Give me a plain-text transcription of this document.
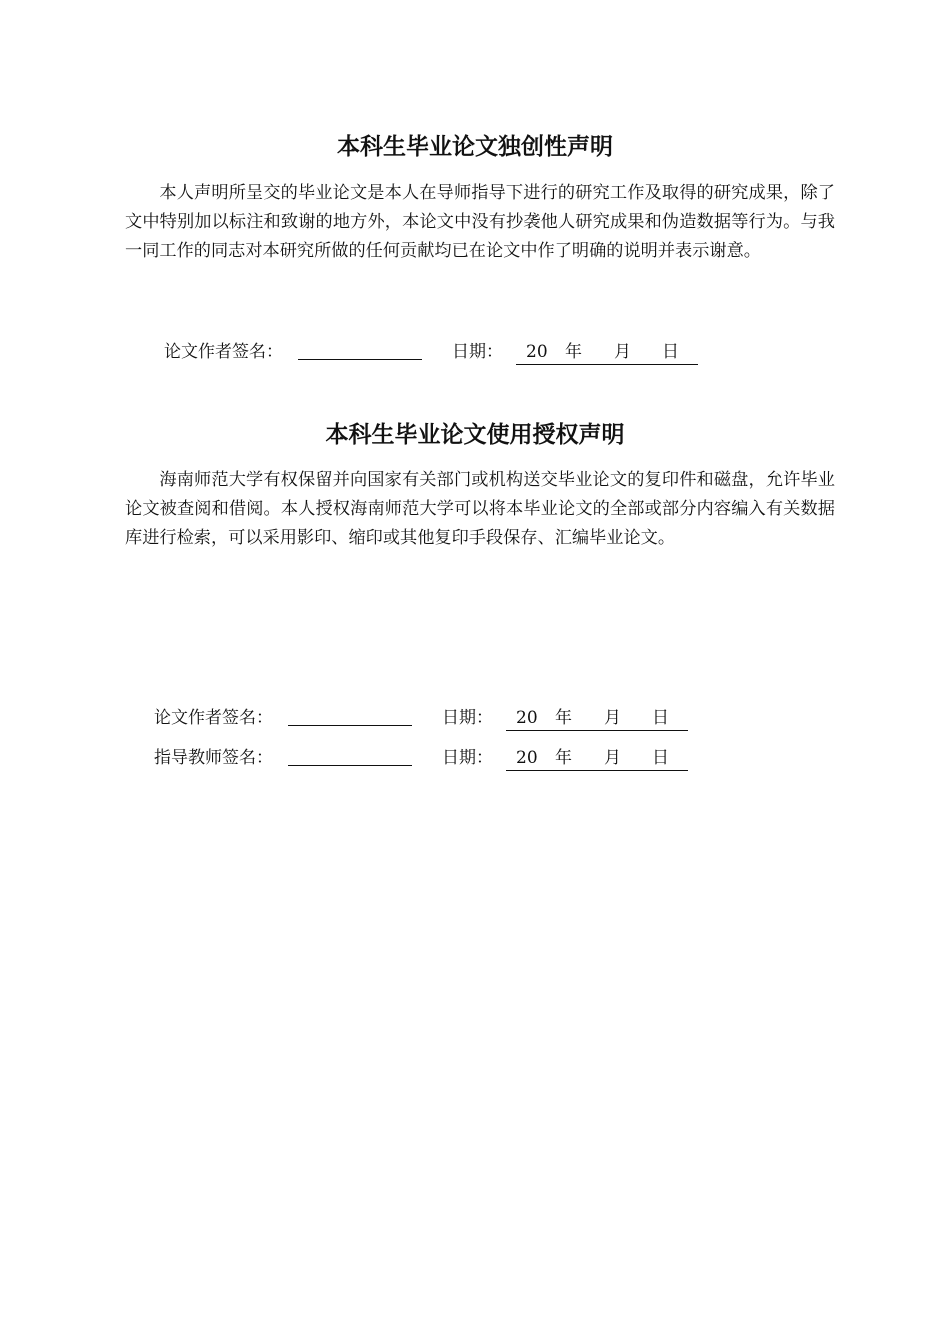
本科生毕业论文独创性声明
本人声明所呈交的毕业论文是本人在导师指导下进行的研究工作及取得的研究成果，除了文中特别加以标注和致谢的地方外，本论文中没有抄袭他人研究成果和伪造数据等行为。与我一同工作的同志对本研究所做的任何贡献均已在论文中作了明确的说明并表示谢意。
论文作者签名：	日期： 20 年 月 日
本科生毕业论文使用授权声明
海南师范大学有权保留并向国家有关部门或机构送交毕业论文的复印件和磁盘，允许毕业论文被查阅和借阅。本人授权海南师范大学可以将本毕业论文的全部或部分内容编入有关数据库进行检索，可以采用影印、缩印或其他复印手段保存、汇编毕业论文。
论文作者签名：	日期： 20 年 月 日
指导教师签名：	日期： 20 年 月 日
